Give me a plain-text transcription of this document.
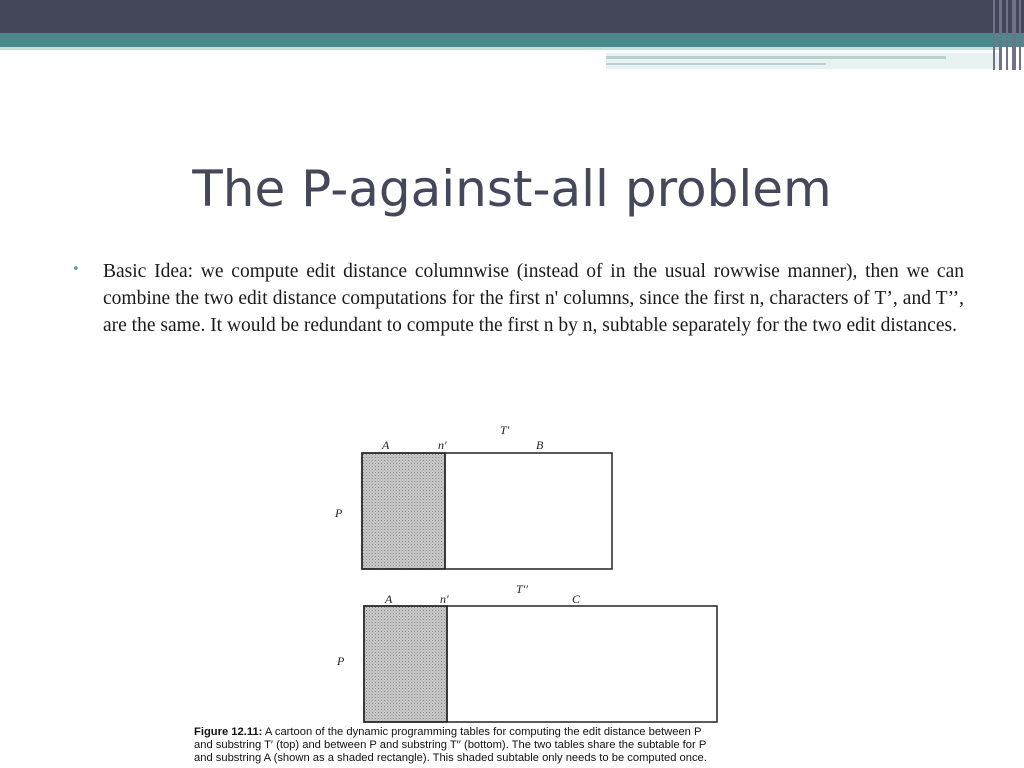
The P-against-all problem
• Basic Idea: we compute edit distance columnwise (instead of in the usual rowwise manner), then we can combine the two edit distance computations for the first n' columns, since the first n, characters of T’, and T’’, are the same. It would be redundant to compute the first n by n, subtable separately for the two edit distances.
T′
A	n′	B
P
T′′
A	n′	C
P
Figure 12.11: A cartoon of the dynamic programming tables for computing the edit distance between P
and substring T′ (top) and between P and substring T′′ (bottom). The two tables share the subtable for P
and substring A (shown as a shaded rectangle). This shaded subtable only needs to be computed once.
